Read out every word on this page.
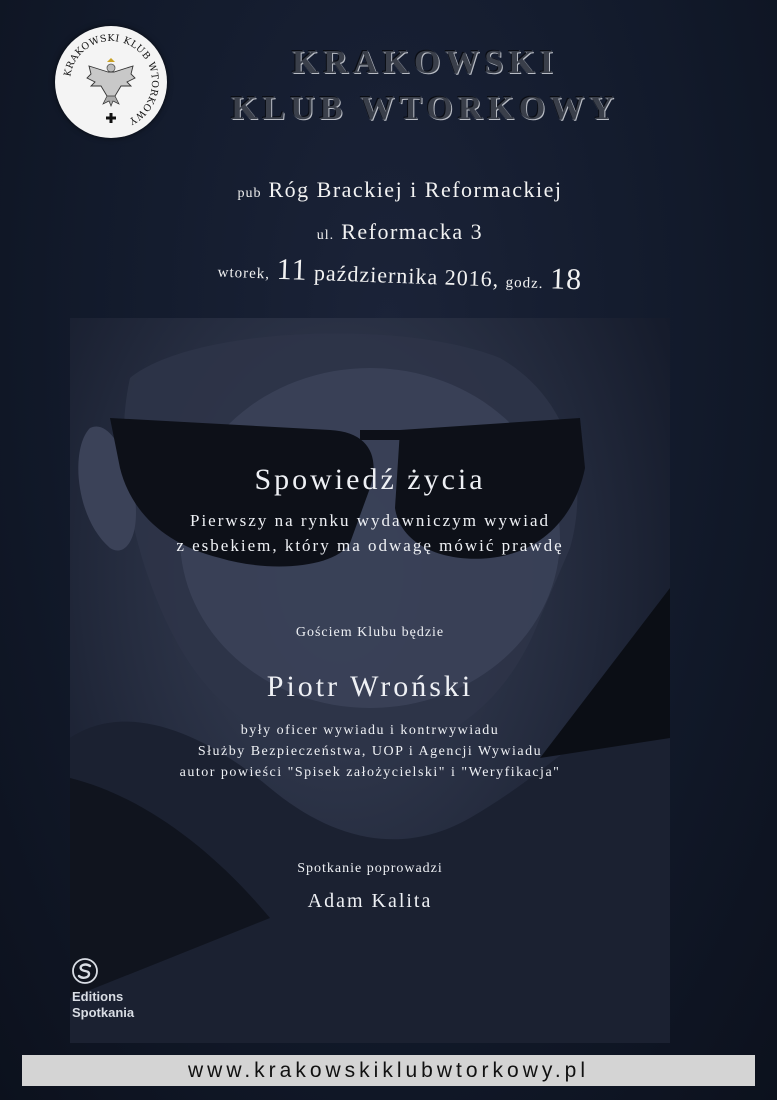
KRAKOWSKI KLUB WTORKOWY
KRAKOWSKI
KLUB WTORKOWY
pub Róg Brackiej i Reformackiej
ul. Reformacka 3
wtorek, 11 października 2016, godz. 18
Spowiedź życia
Pierwszy na rynku wydawniczym wywiad
z esbekiem, który ma odwagę mówić prawdę
Gościem Klubu będzie
Piotr Wroński
były oficer wywiadu i kontrwywiadu
Służby Bezpieczeństwa, UOP i Agencji Wywiadu
autor powieści "Spisek założycielski" i "Weryfikacja"
Spotkanie poprowadzi
Adam Kalita
Editions
Spotkania
www.krakowskiklubwtorkowy.pl
